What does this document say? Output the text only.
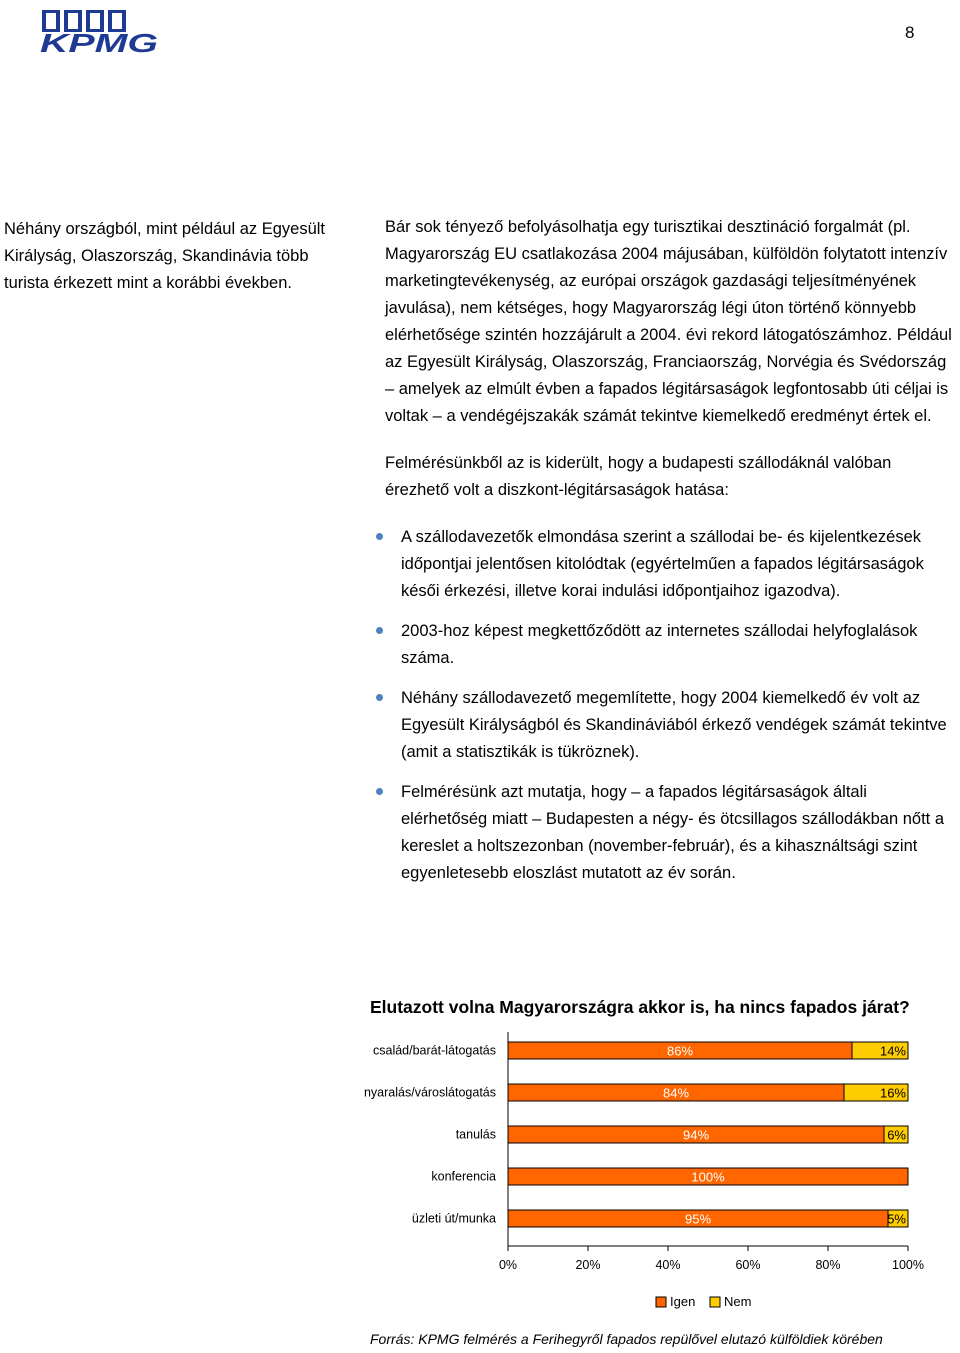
KPMG	8
Néhány országból, mint például az Egyesült Királyság, Olaszország, Skandinávia több turista érkezett mint a korábbi években.

Bár sok tényező befolyásolhatja egy turisztikai desztináció forgalmát (pl. Magyarország EU csatlakozása 2004 májusában, külföldön folytatott intenzív marketingtevékenység, az európai országok gazdasági teljesítményének javulása), nem kétséges, hogy Magyarország légi úton történő könnyebb elérhetősége szintén hozzájárult a 2004. évi rekord látogatószámhoz. Például az Egyesült Királyság, Olaszország, Franciaország, Norvégia és Svédország – amelyek az elmúlt évben a fapados légitársaságok legfontosabb úti céljai is voltak – a vendégéjszakák számát tekintve kiemelkedő eredményt értek el.

Felmérésünkből az is kiderült, hogy a budapesti szállodáknál valóban érezhető volt a diszkont-légitársaságok hatása:

A szállodavezetők elmondása szerint a szállodai be- és kijelentkezések időpontjai jelentősen kitolódtak (egyértelműen a fapados légitársaságok késői érkezési, illetve korai indulási időpontjaihoz igazodva).
2003-hoz képest megkettőződött az internetes szállodai helyfoglalások száma.
Néhány szállodavezető megemlítette, hogy 2004 kiemelkedő év volt az Egyesült Királyságból és Skandináviából érkező vendégek számát tekintve (amit a statisztikák is tükröznek).
Felmérésünk azt mutatja, hogy – a fapados légitársaságok általi elérhetőség miatt – Budapesten a négy- és ötcsillagos szállodákban nőtt a kereslet a holtszezonban (november-február), és a kihasználtsági szint egyenletesebb eloszlást mutatott az év során.
Elutazott volna Magyarországra akkor is, ha nincs fapados járat?
család/barát-látogatás	86%	14%
nyaralás/városlátogatás	84%	16%
tanulás	94%	6%
konferencia	100%
üzleti út/munka	95%	5%
0%	20%	40%	60%	80%	100%
Igen Nem
Forrás: KPMG felmérés a Ferihegyről fapados repülővel elutazó külföldiek körében
